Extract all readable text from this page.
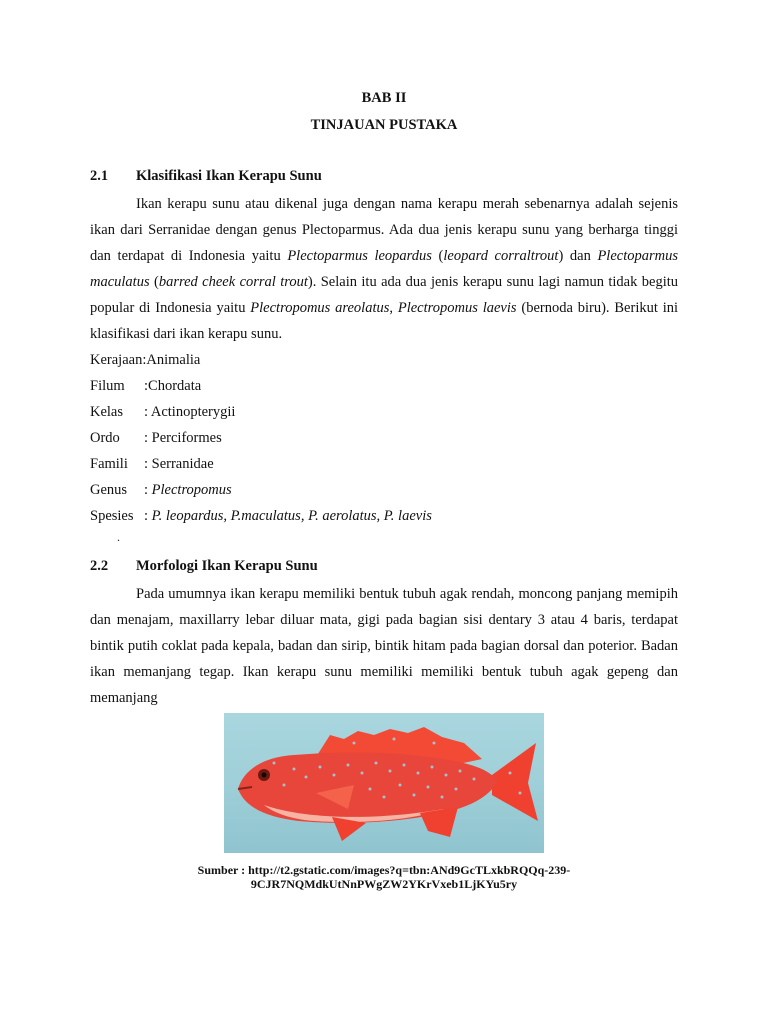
BAB II
TINJAUAN PUSTAKA
2.1 Klasifikasi Ikan Kerapu Sunu
Ikan kerapu sunu atau dikenal juga dengan nama kerapu merah sebenarnya adalah sejenis ikan dari Serranidae dengan genus Plectoparmus. Ada dua jenis kerapu sunu yang berharga tinggi dan terdapat di Indonesia yaitu Plectoparmus leopardus (leopard corraltrout) dan Plectoparmus maculatus (barred cheek corral trout). Selain itu ada dua jenis kerapu sunu lagi namun tidak begitu popular di Indonesia yaitu Plectropomus areolatus, Plectropomus laevis (bernoda biru). Berikut ini klasifikasi dari ikan kerapu sunu.
Kerajaan:Animalia
Filum :Chordata
Kelas : Actinopterygii
Ordo : Perciformes
Famili : Serranidae
Genus : Plectropomus
Spesies : P. leopardus, P.maculatus, P. aerolatus, P. laevis
.
2.2 Morfologi Ikan Kerapu Sunu
Pada umumnya ikan kerapu memiliki bentuk tubuh agak rendah, moncong panjang memipih dan menajam, maxillarry lebar diluar mata, gigi pada bagian sisi dentary 3 atau 4 baris, terdapat bintik putih coklat pada kepala, badan dan sirip, bintik hitam pada bagian dorsal dan poterior. Badan ikan memanjang tegap. Ikan kerapu sunu memiliki memiliki bentuk tubuh agak gepeng dan memanjang
Sumber : http://t2.gstatic.com/images?q=tbn:ANd9GcTLxkbRQQq-239-
9CJR7NQMdkUtNnPWgZW2YKrVxeb1LjKYu5ry
